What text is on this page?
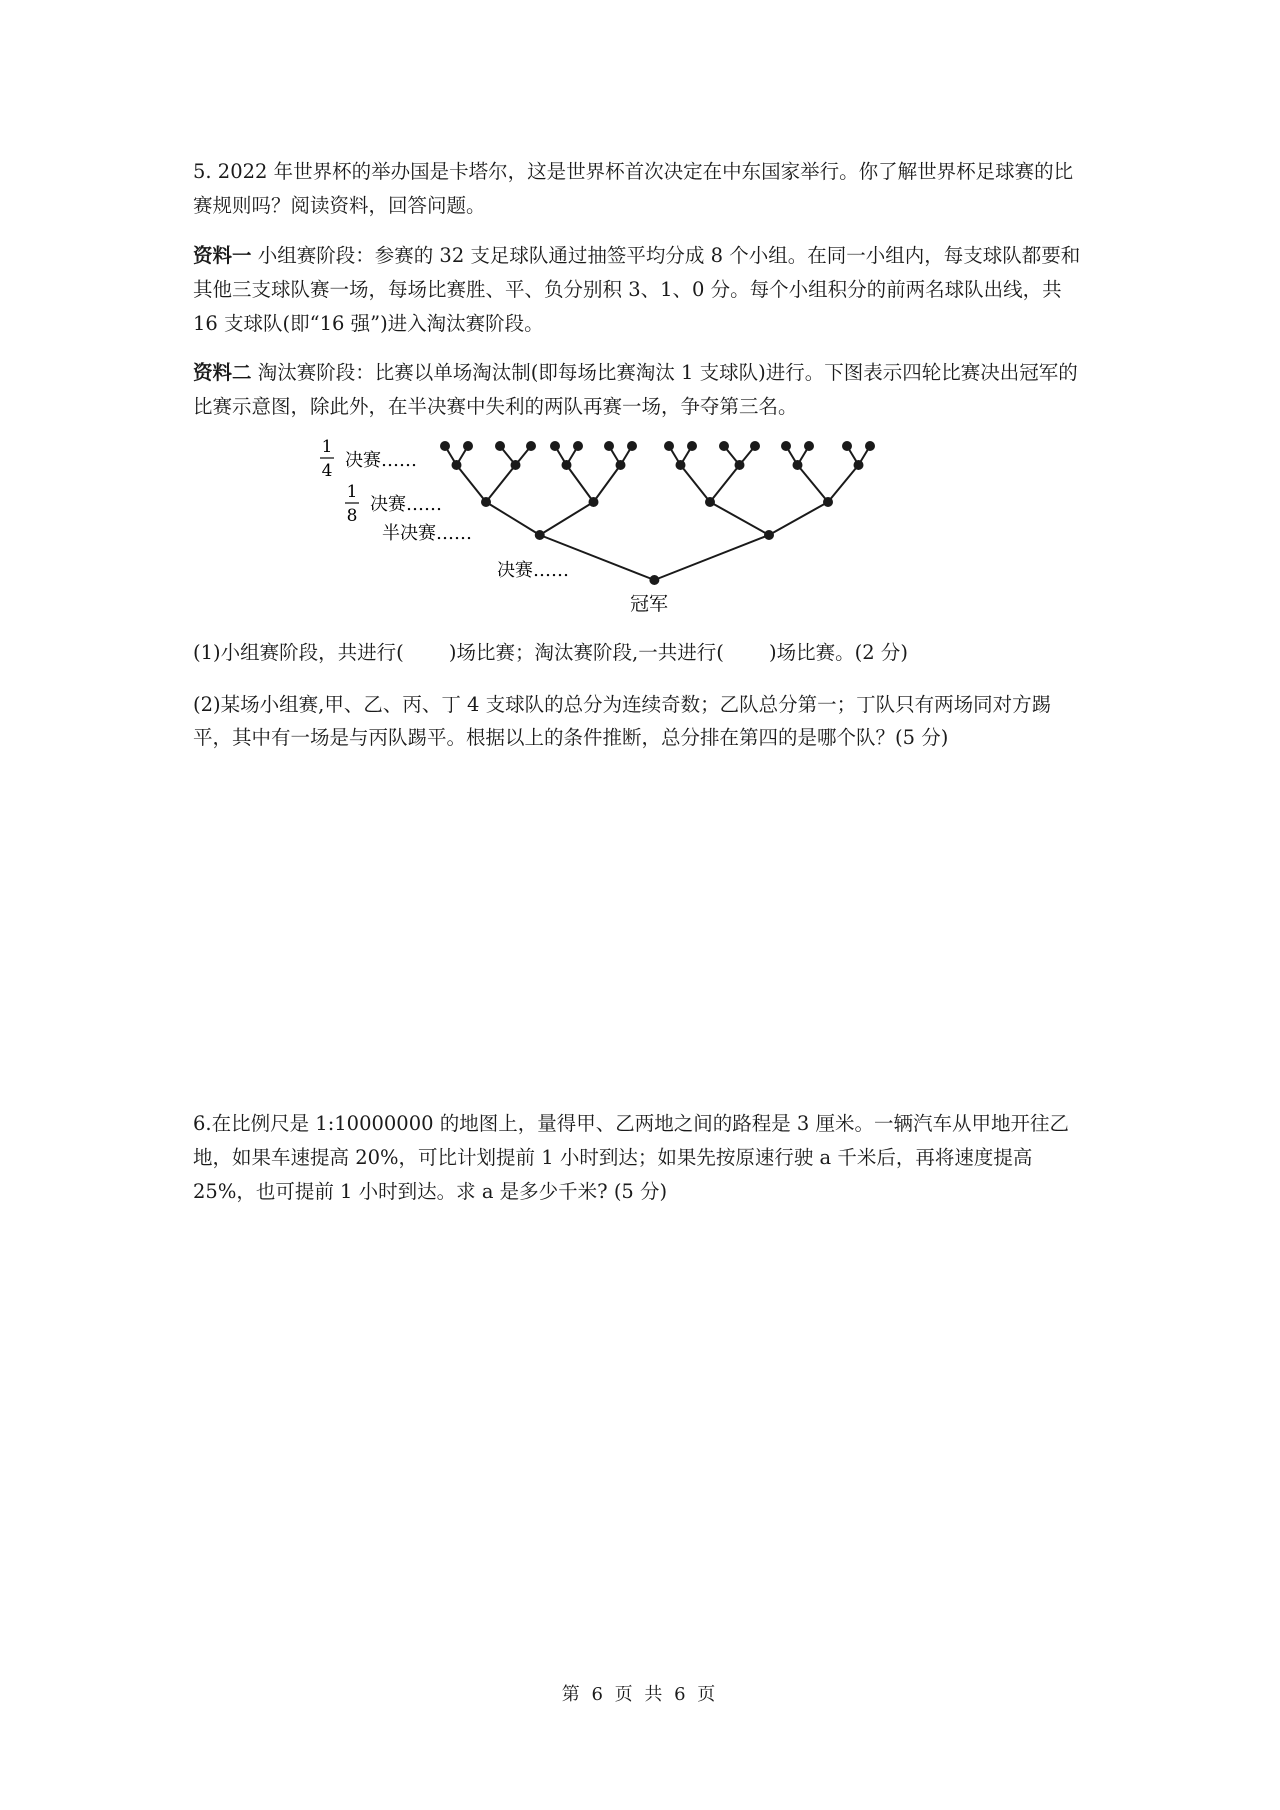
5. 2022 年世界杯的举办国是卡塔尔，这是世界杯首次决定在中东国家举行。你了解世界杯足球赛的比赛规则吗？阅读资料，回答问题。

资料一 小组赛阶段：参赛的 32 支足球队通过抽签平均分成 8 个小组。在同一小组内，每支球队都要和其他三支球队赛一场，每场比赛胜、平、负分别积 3、1、0 分。每个小组积分的前两名球队出线，共 16 支球队(即“16 强”)进入淘汰赛阶段。

资料二 淘汰赛阶段：比赛以单场淘汰制(即每场比赛淘汰 1 支球队)进行。下图表示四轮比赛决出冠军的比赛示意图，除此外，在半决赛中失利的两队再赛一场，争夺第三名。

1
4 决赛……
1
8
决赛……
半决赛……
决赛……
冠军

(1)小组赛阶段，共进行(　　 )场比赛；淘汰赛阶段,一共进行(　　 )场比赛。(2 分)

(2)某场小组赛,甲、乙、丙、丁 4 支球队的总分为连续奇数；乙队总分第一；丁队只有两场同对方踢平，其中有一场是与丙队踢平。根据以上的条件推断，总分排在第四的是哪个队？(5 分)

6.在比例尺是 1:10000000 的地图上，量得甲、乙两地之间的路程是 3 厘米。一辆汽车从甲地开往乙地，如果车速提高 20%，可比计划提前 1 小时到达；如果先按原速行驶 a 千米后，再将速度提高 25%，也可提前 1 小时到达。求 a 是多少千米? (5 分)

第 6 页 共 6 页
